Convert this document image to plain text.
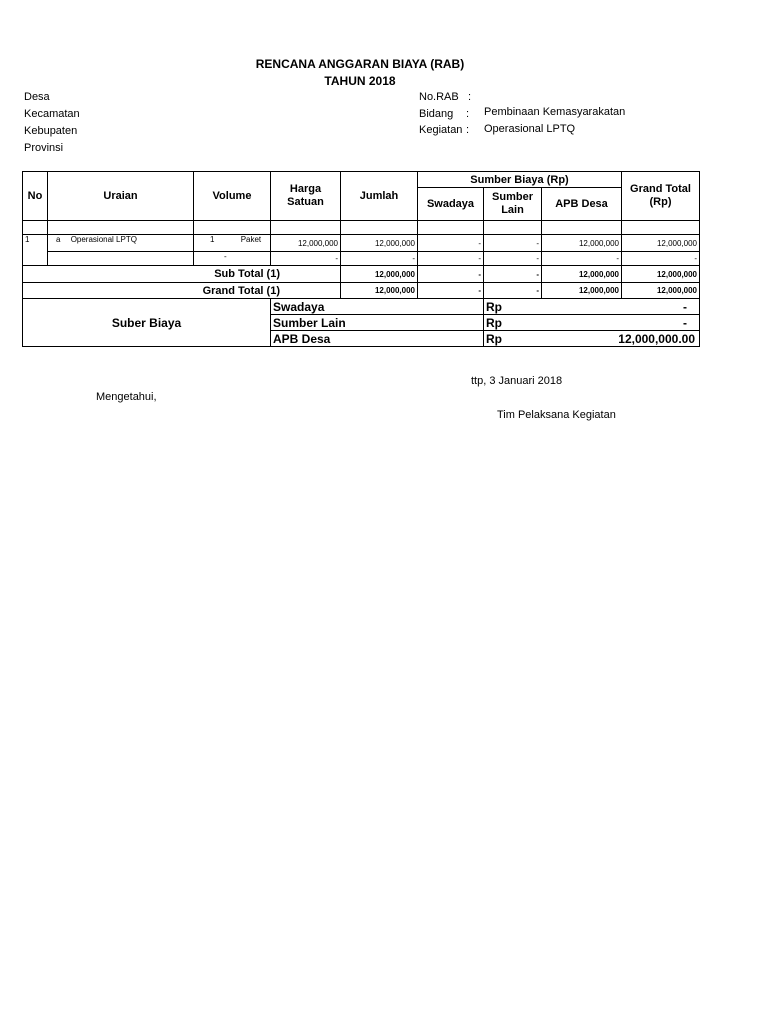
RENCANA ANGGARAN BIAYA (RAB)
TAHUN 2018
Desa
Kecamatan
Kebupaten
Provinsi
No.RAB :
Bidang : Pembinaan Kemasyarakatan
Kegiatan : Operasional LPTQ
No	Uraian	Volume	Harga Satuan	Jumlah	Sumber Biaya (Rp)			Grand Total (Rp)
					Swadaya	Sumber Lain	APB Desa	

1	a Operasional LPTQ	1 Paket	12,000,000	12,000,000	-	-	12,000,000	12,000,000
		-	-	-	-	-	-	-
Sub Total (1)				12,000,000	-	-	12,000,000	12,000,000
Grand Total (1)				12,000,000	-	-	12,000,000	12,000,000
Suber Biaya			Swadaya			Rp -		

			Sumber Lain			Rp -		

			APB Desa			Rp 12,000,000.00		
ttp, 3 Januari 2018
Mengetahui,
Tim Pelaksana Kegiatan
